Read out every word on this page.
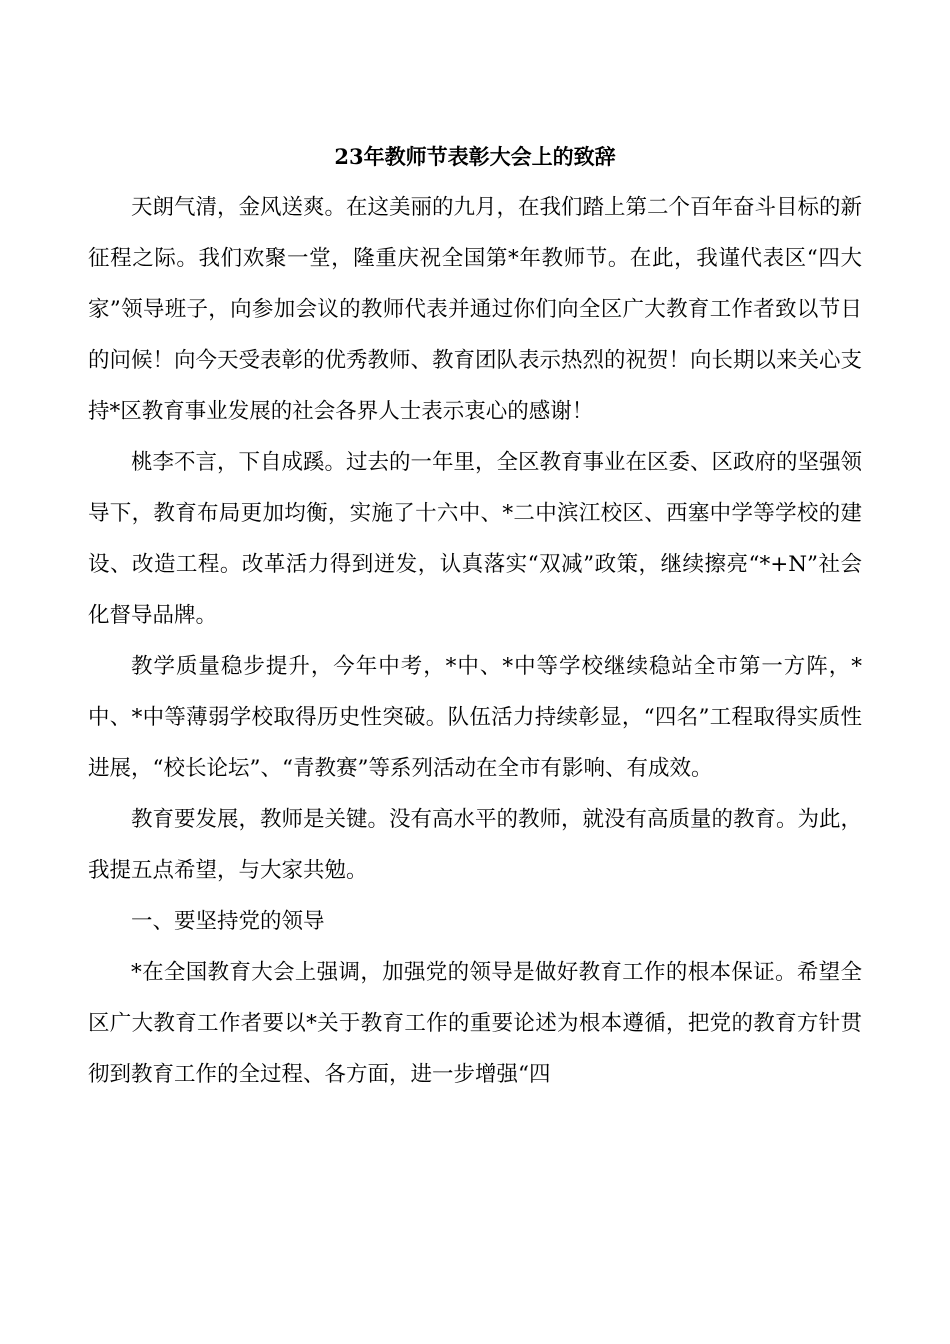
23年教师节表彰大会上的致辞

天朗气清，金风送爽。在这美丽的九月，在我们踏上第二个百年奋斗目标的新征程之际。我们欢聚一堂，隆重庆祝全国第*年教师节。在此，我谨代表区“四大家”领导班子，向参加会议的教师代表并通过你们向全区广大教育工作者致以节日的问候！向今天受表彰的优秀教师、教育团队表示热烈的祝贺！向长期以来关心支持*区教育事业发展的社会各界人士表示衷心的感谢！

桃李不言，下自成蹊。过去的一年里，全区教育事业在区委、区政府的坚强领导下，教育布局更加均衡，实施了十六中、*二中滨江校区、西塞中学等学校的建设、改造工程。改革活力得到迸发，认真落实“双减”政策，继续擦亮“*+N”社会化督导品牌。

教学质量稳步提升，今年中考，*中、*中等学校继续稳站全市第一方阵，*中、*中等薄弱学校取得历史性突破。队伍活力持续彰显，“四名”工程取得实质性进展，“校长论坛”、“青教赛”等系列活动在全市有影响、有成效。

教育要发展，教师是关键。没有高水平的教师，就没有高质量的教育。为此，我提五点希望，与大家共勉。

一、要坚持党的领导

*在全国教育大会上强调，加强党的领导是做好教育工作的根本保证。希望全区广大教育工作者要以*关于教育工作的重要论述为根本遵循，把党的教育方针贯彻到教育工作的全过程、各方面，进一步增强“四
